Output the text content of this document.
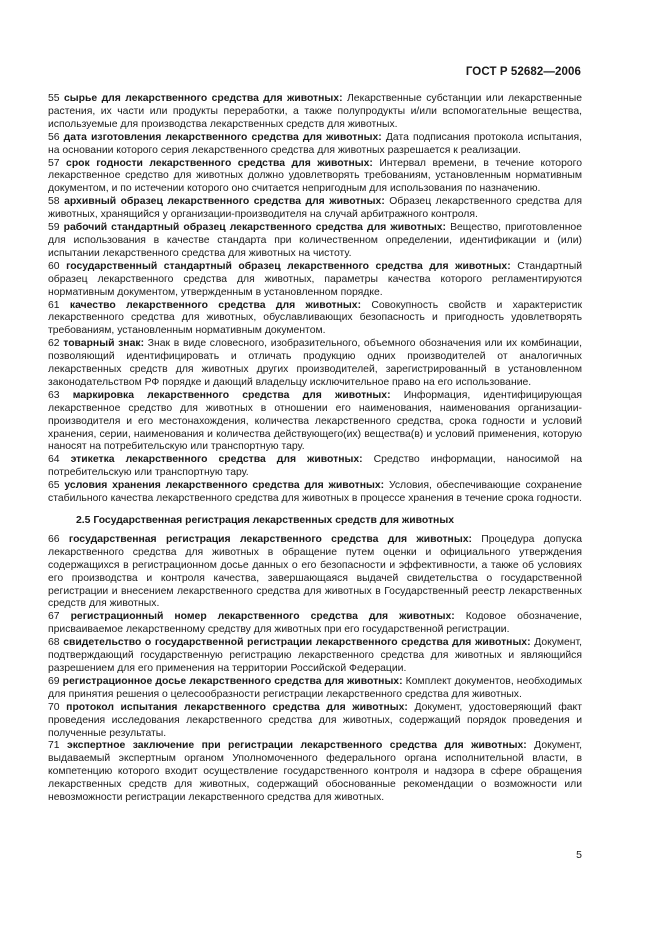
ГОСТ Р 52682—2006

55 сырье для лекарственного средства для животных: Лекарственные субстанции или лекарственные растения, их части или продукты переработки, а также полупродукты и/или вспомогательные вещества, используемые для производства лекарственных средств для животных.

56 дата изготовления лекарственного средства для животных: Дата подписания протокола испытания, на основании которого серия лекарственного средства для животных разрешается к реализации.

57 срок годности лекарственного средства для животных: Интервал времени, в течение которого лекарственное средство для животных должно удовлетворять требованиям, установленным нормативным документом, и по истечении которого оно считается непригодным для использования по назначению.

58 архивный образец лекарственного средства для животных: Образец лекарственного средства для животных, хранящийся у организации-производителя на случай арбитражного контроля.

59 рабочий стандартный образец лекарственного средства для животных: Вещество, приготовленное для использования в качестве стандарта при количественном определении, идентификации и (или) испытании лекарственного средства для животных на чистоту.

60 государственный стандартный образец лекарственного средства для животных: Стандартный образец лекарственного средства для животных, параметры качества которого регламентируются нормативным документом, утвержденным в установленном порядке.

61 качество лекарственного средства для животных: Совокупность свойств и характеристик лекарственного средства для животных, обуславливающих безопасность и пригодность удовлетворять требованиям, установленным нормативным документом.

62 товарный знак: Знак в виде словесного, изобразительного, объемного обозначения или их комбинации, позволяющий идентифицировать и отличать продукцию одних производителей от аналогичных лекарственных средств для животных других производителей, зарегистрированный в установленном законодательством РФ порядке и дающий владельцу исключительное право на его использование.

63 маркировка лекарственного средства для животных: Информация, идентифицирующая лекарственное средство для животных в отношении его наименования, наименования организации-производителя и его местонахождения, количества лекарственного средства, срока годности и условий хранения, серии, наименования и количества действующего(их) вещества(в) и условий применения, которую наносят на потребительскую или транспортную тару.

64 этикетка лекарственного средства для животных: Средство информации, наносимой на потребительскую или транспортную тару.

65 условия хранения лекарственного средства для животных: Условия, обеспечивающие сохранение стабильного качества лекарственного средства для животных в процессе хранения в течение срока годности.

2.5 Государственная регистрация лекарственных средств для животных

66 государственная регистрация лекарственного средства для животных: Процедура допуска лекарственного средства для животных в обращение путем оценки и официального утверждения содержащихся в регистрационном досье данных о его безопасности и эффективности, а также об условиях его производства и контроля качества, завершающаяся выдачей свидетельства о государственной регистрации и внесением лекарственного средства для животных в Государственный реестр лекарственных средств для животных.

67 регистрационный номер лекарственного средства для животных: Кодовое обозначение, присваиваемое лекарственному средству для животных при его государственной регистрации.

68 свидетельство о государственной регистрации лекарственного средства для животных: Документ, подтверждающий государственную регистрацию лекарственного средства для животных и являющийся разрешением для его применения на территории Российской Федерации.

69 регистрационное досье лекарственного средства для животных: Комплект документов, необходимых для принятия решения о целесообразности регистрации лекарственного средства для животных.

70 протокол испытания лекарственного средства для животных: Документ, удостоверяющий факт проведения исследования лекарственного средства для животных, содержащий порядок проведения и полученные результаты.

71 экспертное заключение при регистрации лекарственного средства для животных: Документ, выдаваемый экспертным органом Уполномоченного федерального органа исполнительной власти, в компетенцию которого входит осуществление государственного контроля и надзора в сфере обращения лекарственных средств для животных, содержащий обоснованные рекомендации о возможности или невозможности регистрации лекарственного средства для животных.

5
